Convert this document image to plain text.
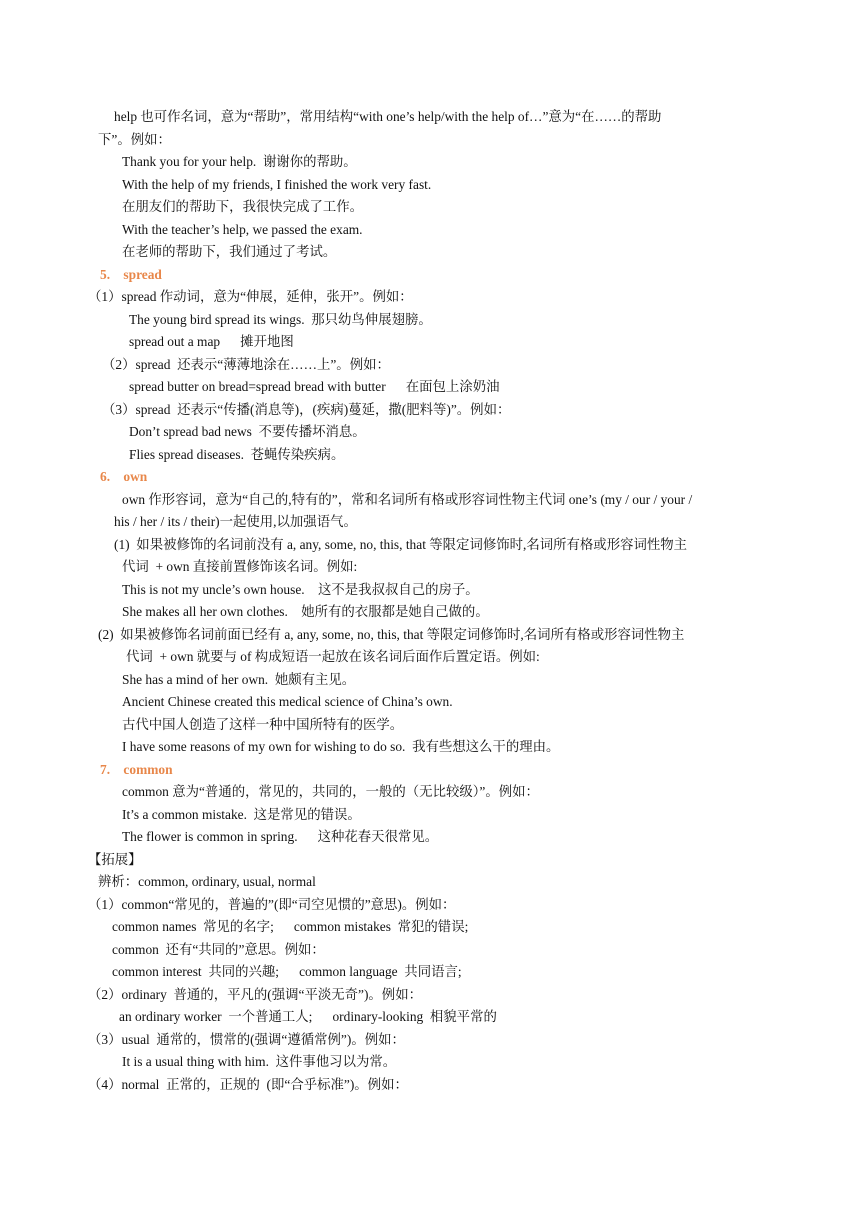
help 也可作名词，意为“帮助”，常用结构“with one’s help/with the help of…”意为“在……的帮助
下”。例如：
Thank you for your help.  谢谢你的帮助。
With the help of my friends, I finished the work very fast.
在朋友们的帮助下，我很快完成了工作。
With the teacher’s help, we passed the exam.
在老师的帮助下，我们通过了考试。
5.    spread
（1）spread 作动词，意为“伸展，延伸，张开”。例如：
The young bird spread its wings.  那只幼鸟伸展翅膀。
spread out a map      摊开地图
（2）spread  还表示“薄薄地涂在……上”。例如：
spread butter on bread=spread bread with butter      在面包上涂奶油
（3）spread  还表示“传播(消息等)，(疾病)蔓延，撒(肥料等)”。例如：
Don’t spread bad news  不要传播坏消息。
Flies spread diseases.  苍蝇传染疾病。
6.    own
own 作形容词，意为“自己的,特有的”，常和名词所有格或形容词性物主代词 one’s (my / our / your /
his / her / its / their)一起使用,以加强语气。
(1)  如果被修饰的名词前没有 a, any, some, no, this, that 等限定词修饰时,名词所有格或形容词性物主
代词  + own 直接前置修饰该名词。例如:
This is not my uncle’s own house.    这不是我叔叔自己的房子。
She makes all her own clothes.    她所有的衣服都是她自己做的。
(2)  如果被修饰名词前面已经有 a, any, some, no, this, that 等限定词修饰时,名词所有格或形容词性物主
代词  + own 就要与 of 构成短语一起放在该名词后面作后置定语。例如:
She has a mind of her own.  她颇有主见。
Ancient Chinese created this medical science of China’s own.
古代中国人创造了这样一种中国所特有的医学。
I have some reasons of my own for wishing to do so.  我有些想这么干的理由。
7.    common
common 意为“普通的，常见的，共同的，一般的（无比较级）”。例如：
It’s a common mistake.  这是常见的错误。
The flower is common in spring.      这种花春天很常见。
【拓展】
辨析：common, ordinary, usual, normal
（1）common“常见的，普遍的”(即“司空见惯的”意思)。例如：
common names  常见的名字;      common mistakes  常犯的错误;
common  还有“共同的”意思。例如：
common interest  共同的兴趣;      common language  共同语言;
（2）ordinary  普通的，平凡的(强调“平淡无奇”)。例如：
an ordinary worker  一个普通工人;      ordinary-looking  相貌平常的
（3）usual  通常的，惯常的(强调“遵循常例”)。例如：
It is a usual thing with him.  这件事他习以为常。
（4）normal  正常的，正规的  (即“合乎标准”)。例如：
